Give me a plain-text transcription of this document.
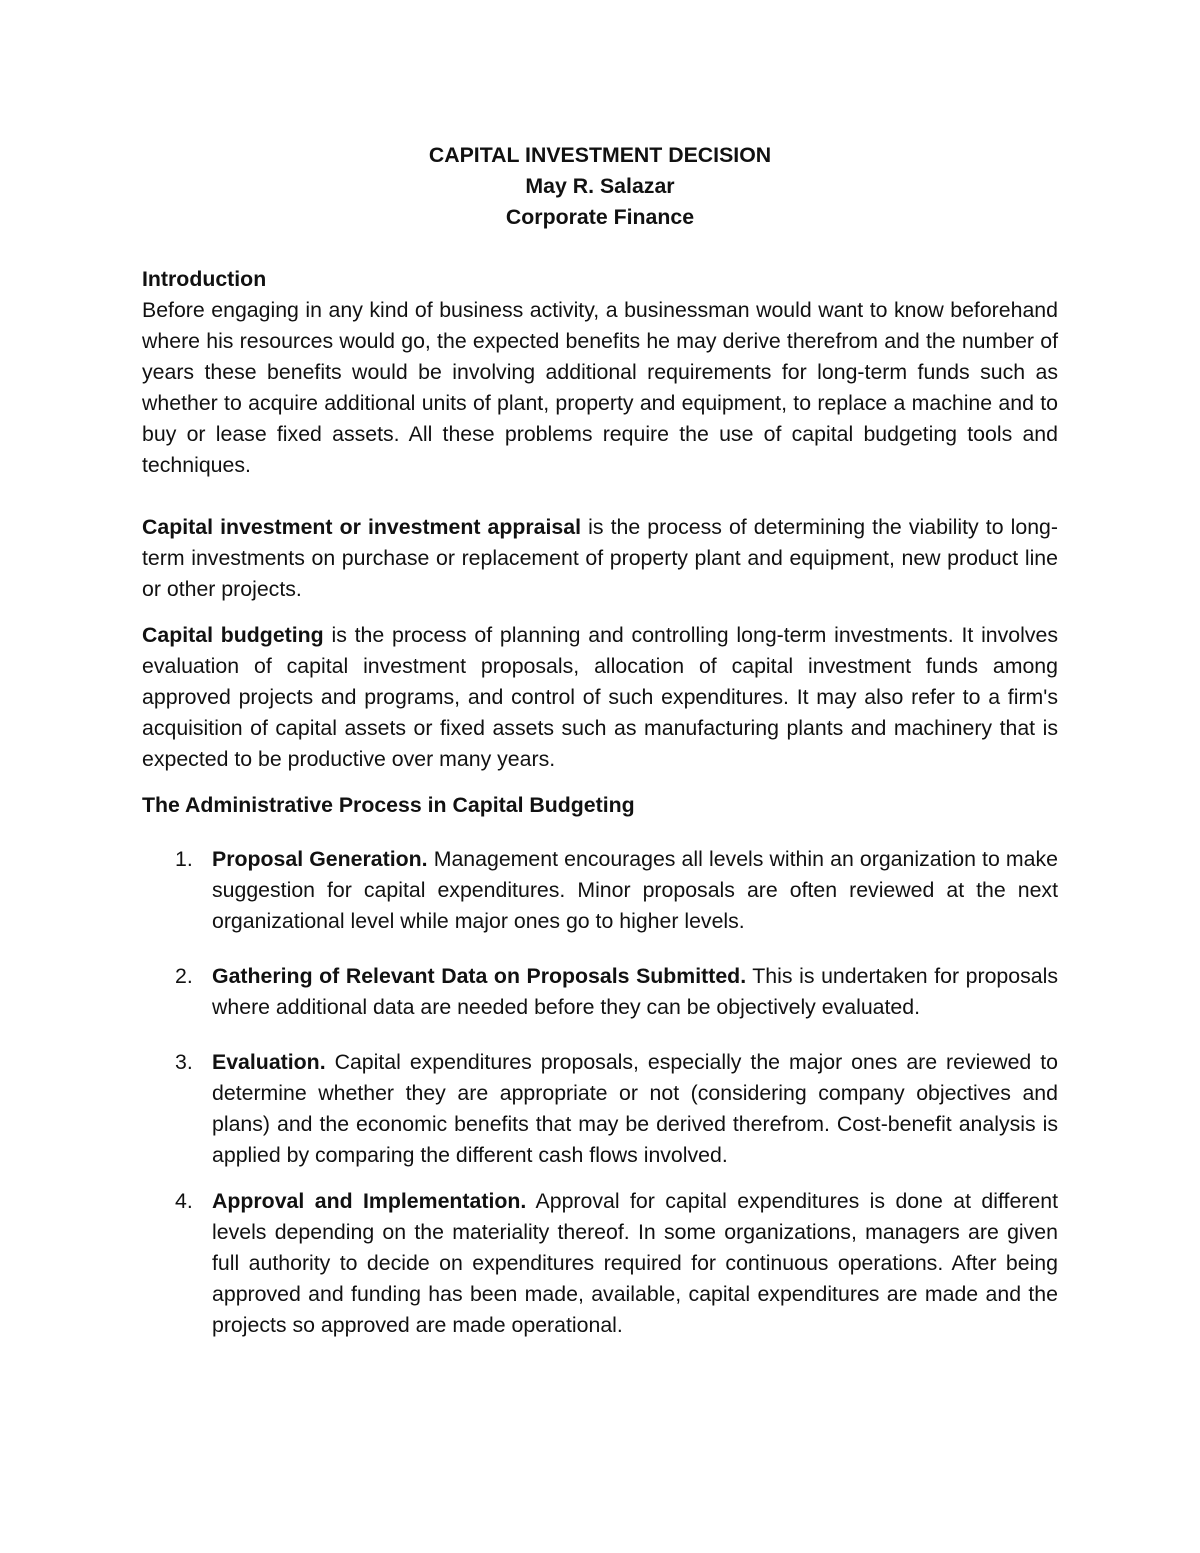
CAPITAL INVESTMENT DECISION
May R. Salazar
Corporate Finance
Introduction

Before engaging in any kind of business activity, a businessman would want to know beforehand where his resources would go, the expected benefits he may derive therefrom and the number of years these benefits would be involving additional requirements for long-term funds such as whether to acquire additional units of plant, property and equipment, to replace a machine and to buy or lease fixed assets. All these problems require the use of capital budgeting tools and techniques.

Capital investment or investment appraisal is the process of determining the viability to long-term investments on purchase or replacement of property plant and equipment, new product line or other projects.

Capital budgeting is the process of planning and controlling long-term investments. It involves evaluation of capital investment proposals, allocation of capital investment funds among approved projects and programs, and control of such expenditures. It may also refer to a firm's acquisition of capital assets or fixed assets such as manufacturing plants and machinery that is expected to be productive over many years.

The Administrative Process in Capital Budgeting
1. Proposal Generation. Management encourages all levels within an organization to make suggestion for capital expenditures. Minor proposals are often reviewed at the next organizational level while major ones go to higher levels.
2. Gathering of Relevant Data on Proposals Submitted. This is undertaken for proposals where additional data are needed before they can be objectively evaluated.
3. Evaluation. Capital expenditures proposals, especially the major ones are reviewed to determine whether they are appropriate or not (considering company objectives and plans) and the economic benefits that may be derived therefrom. Cost-benefit analysis is applied by comparing the different cash flows involved.
4. Approval and Implementation. Approval for capital expenditures is done at different levels depending on the materiality thereof. In some organizations, managers are given full authority to decide on expenditures required for continuous operations. After being approved and funding has been made, available, capital expenditures are made and the projects so approved are made operational.
